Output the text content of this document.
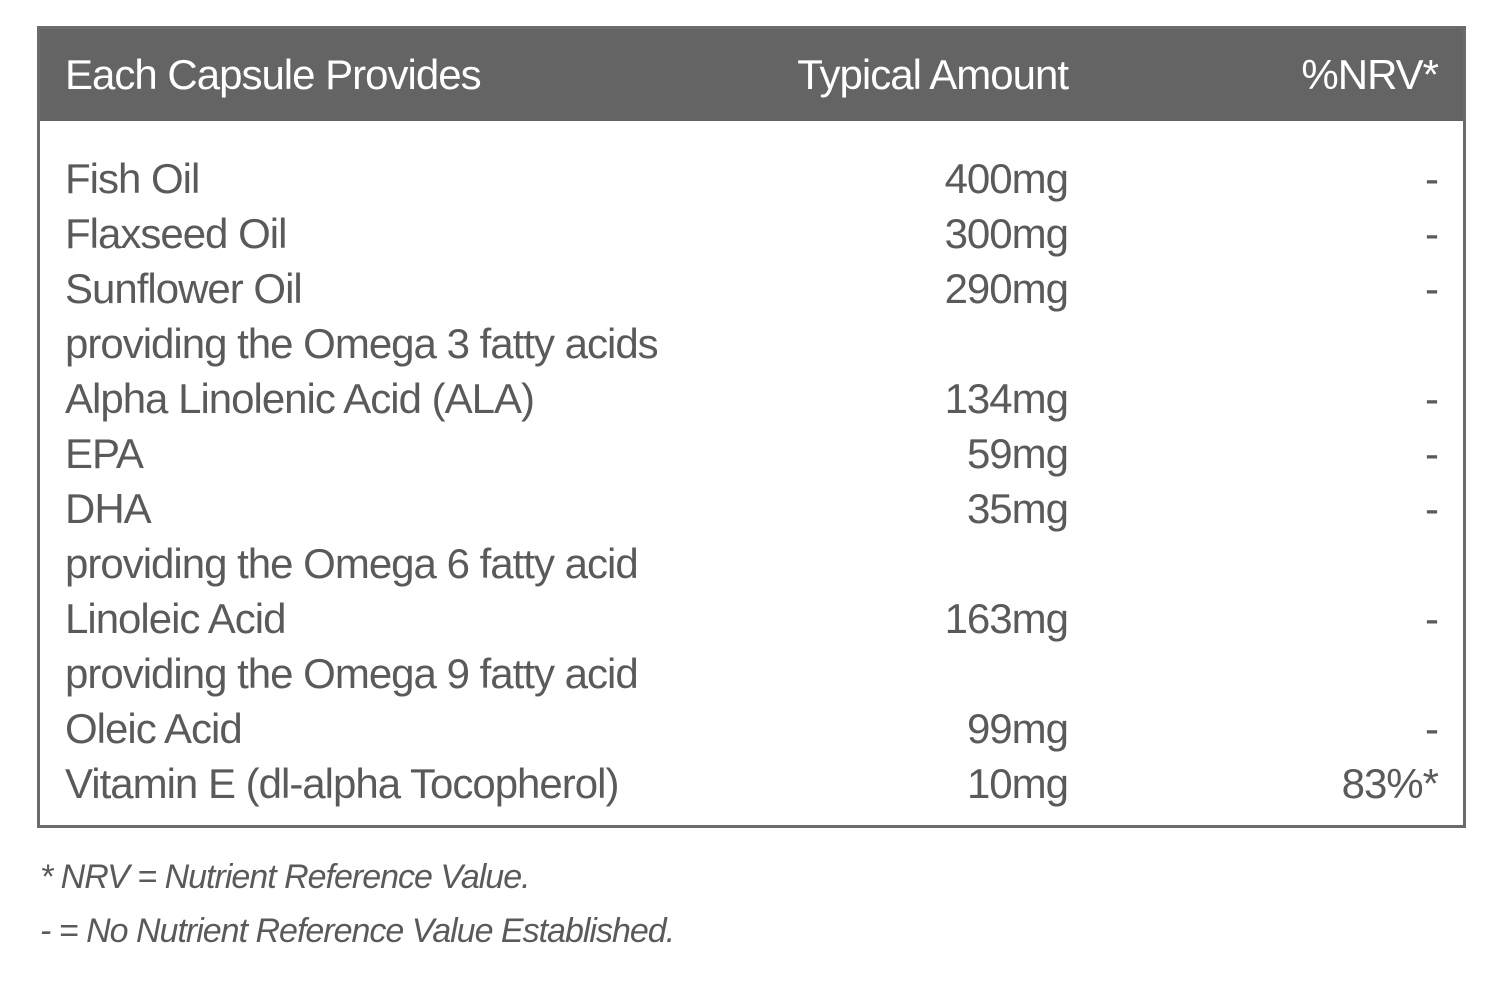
Each Capsule Provides	Typical Amount	%NRV*
Fish Oil	400mg	-
Flaxseed Oil	300mg	-
Sunflower Oil	290mg	-
providing the Omega 3 fatty acids
Alpha Linolenic Acid (ALA)	134mg	-
EPA	59mg	-
DHA	35mg	-
providing the Omega 6 fatty acid
Linoleic Acid	163mg	-
providing the Omega 9 fatty acid
Oleic Acid	99mg	-
Vitamin E (dl-alpha Tocopherol)	10mg	83%*
* NRV = Nutrient Reference Value.
- = No Nutrient Reference Value Established.
